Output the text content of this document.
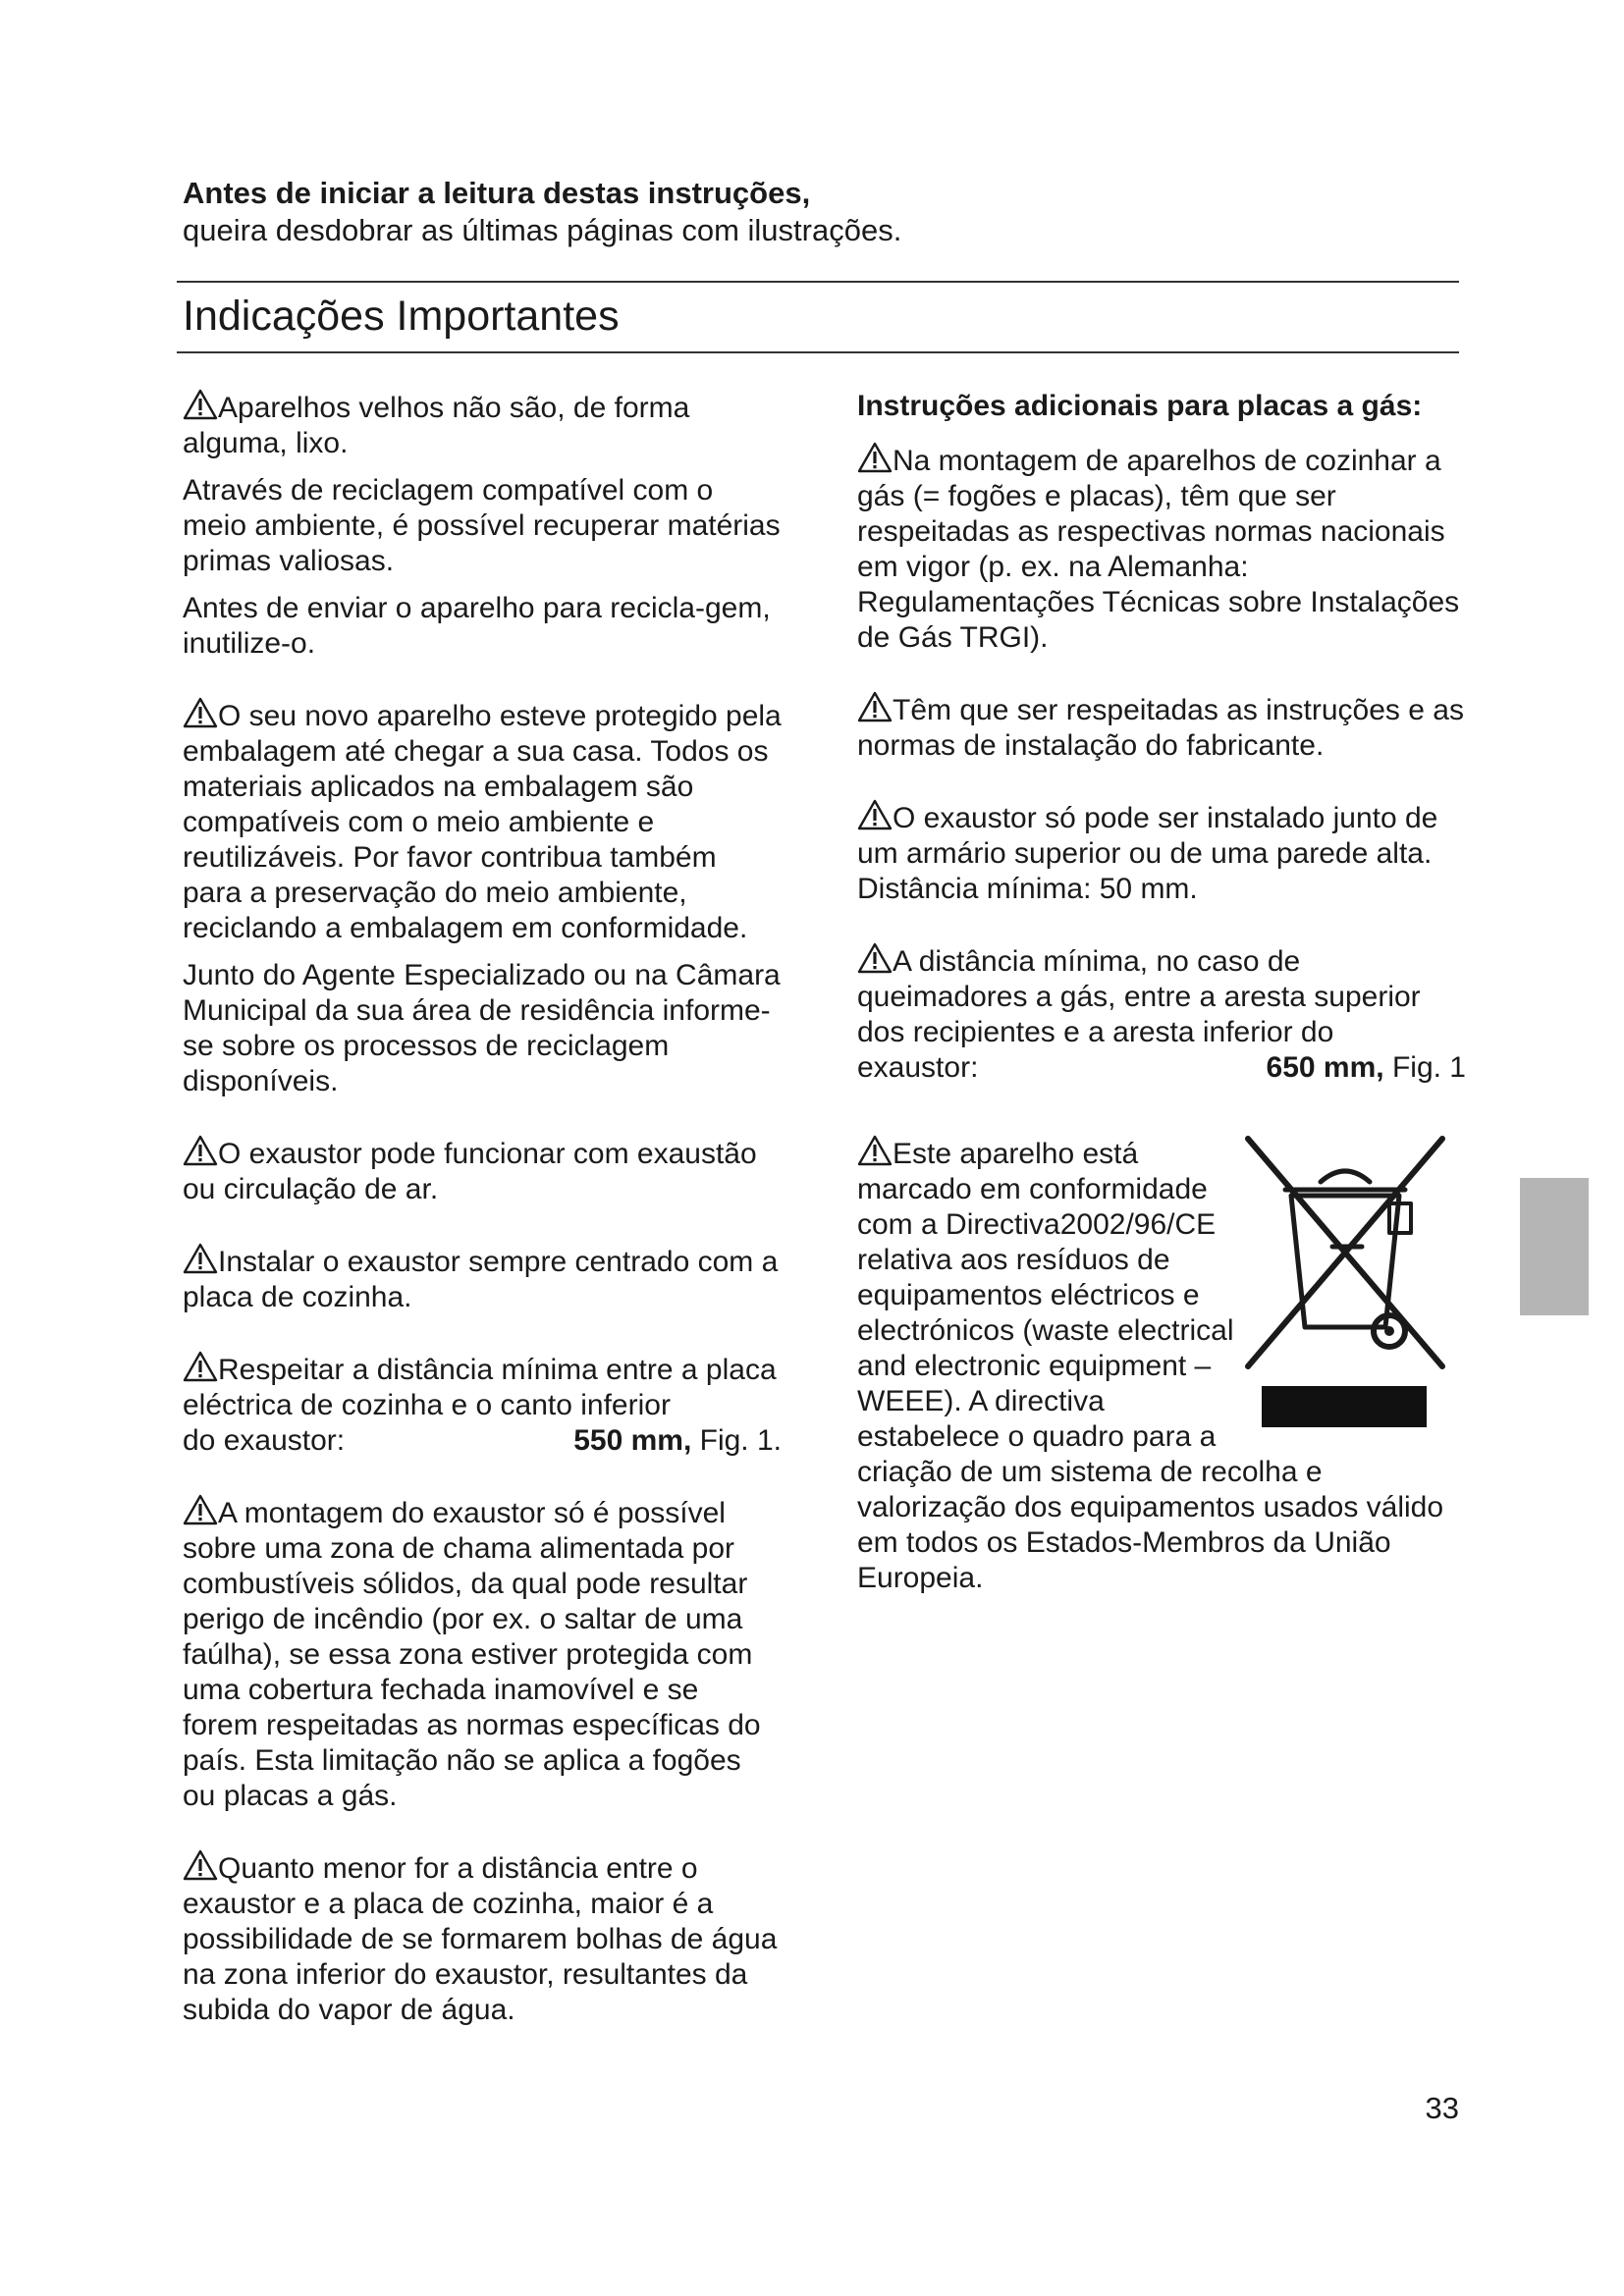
Antes de iniciar a leitura destas instruções,
queira desdobrar as últimas páginas com ilustrações.
Indicações Importantes

Aparelhos velhos não são, de forma alguma, lixo.

Através de reciclagem compatível com o meio ambiente, é possível recuperar matérias primas valiosas.

Antes de enviar o aparelho para recicla-gem, inutilize-o.

O seu novo aparelho esteve protegido pela embalagem até chegar a sua casa. Todos os materiais aplicados na embalagem são compatíveis com o meio ambiente e reutilizáveis. Por favor contribua também para a preservação do meio ambiente, reciclando a embalagem em conformidade.

Junto do Agente Especializado ou na Câmara Municipal da sua área de residência informe-se sobre os processos de reciclagem disponíveis.

O exaustor pode funcionar com exaustão ou circulação de ar.

Instalar o exaustor sempre centrado com a placa de cozinha.

Respeitar a distância mínima entre a placa eléctrica de cozinha e o canto inferior

do exaustor:	550 mm, Fig. 1.

A montagem do exaustor só é possível sobre uma zona de chama alimentada por combustíveis sólidos, da qual pode resultar perigo de incêndio (por ex. o saltar de uma faúlha), se essa zona estiver protegida com uma cobertura fechada inamovível e se forem respeitadas as normas específicas do país. Esta limitação não se aplica a fogões ou placas a gás.

Quanto menor for a distância entre o exaustor e a placa de cozinha, maior é a possibilidade de se formarem bolhas de água na zona inferior do exaustor, resultantes da subida do vapor de água.

Instruções adicionais para placas a gás:

Na montagem de aparelhos de cozinhar a gás (= fogões e placas), têm que ser respeitadas as respectivas normas nacionais em vigor (p. ex. na Alemanha: Regulamentações Técnicas sobre Instalações de Gás TRGI).

Têm que ser respeitadas as instruções e as normas de instalação do fabricante.

O exaustor só pode ser instalado junto de um armário superior ou de uma parede alta. Distância mínima: 50 mm.

A distância mínima, no caso de queimadores a gás, entre a aresta superior dos recipientes e a aresta inferior do

exaustor:	650 mm, Fig. 1

Este aparelho está marcado em conformidade com a Directiva2002/96/CE relativa aos resíduos de equipamentos eléctricos e electrónicos (waste electrical and electronic equipment – WEEE). A directiva estabelece o quadro para a

criação de um sistema de recolha e valorização dos equipamentos usados válido em todos os Estados-Membros da União Europeia.

33
